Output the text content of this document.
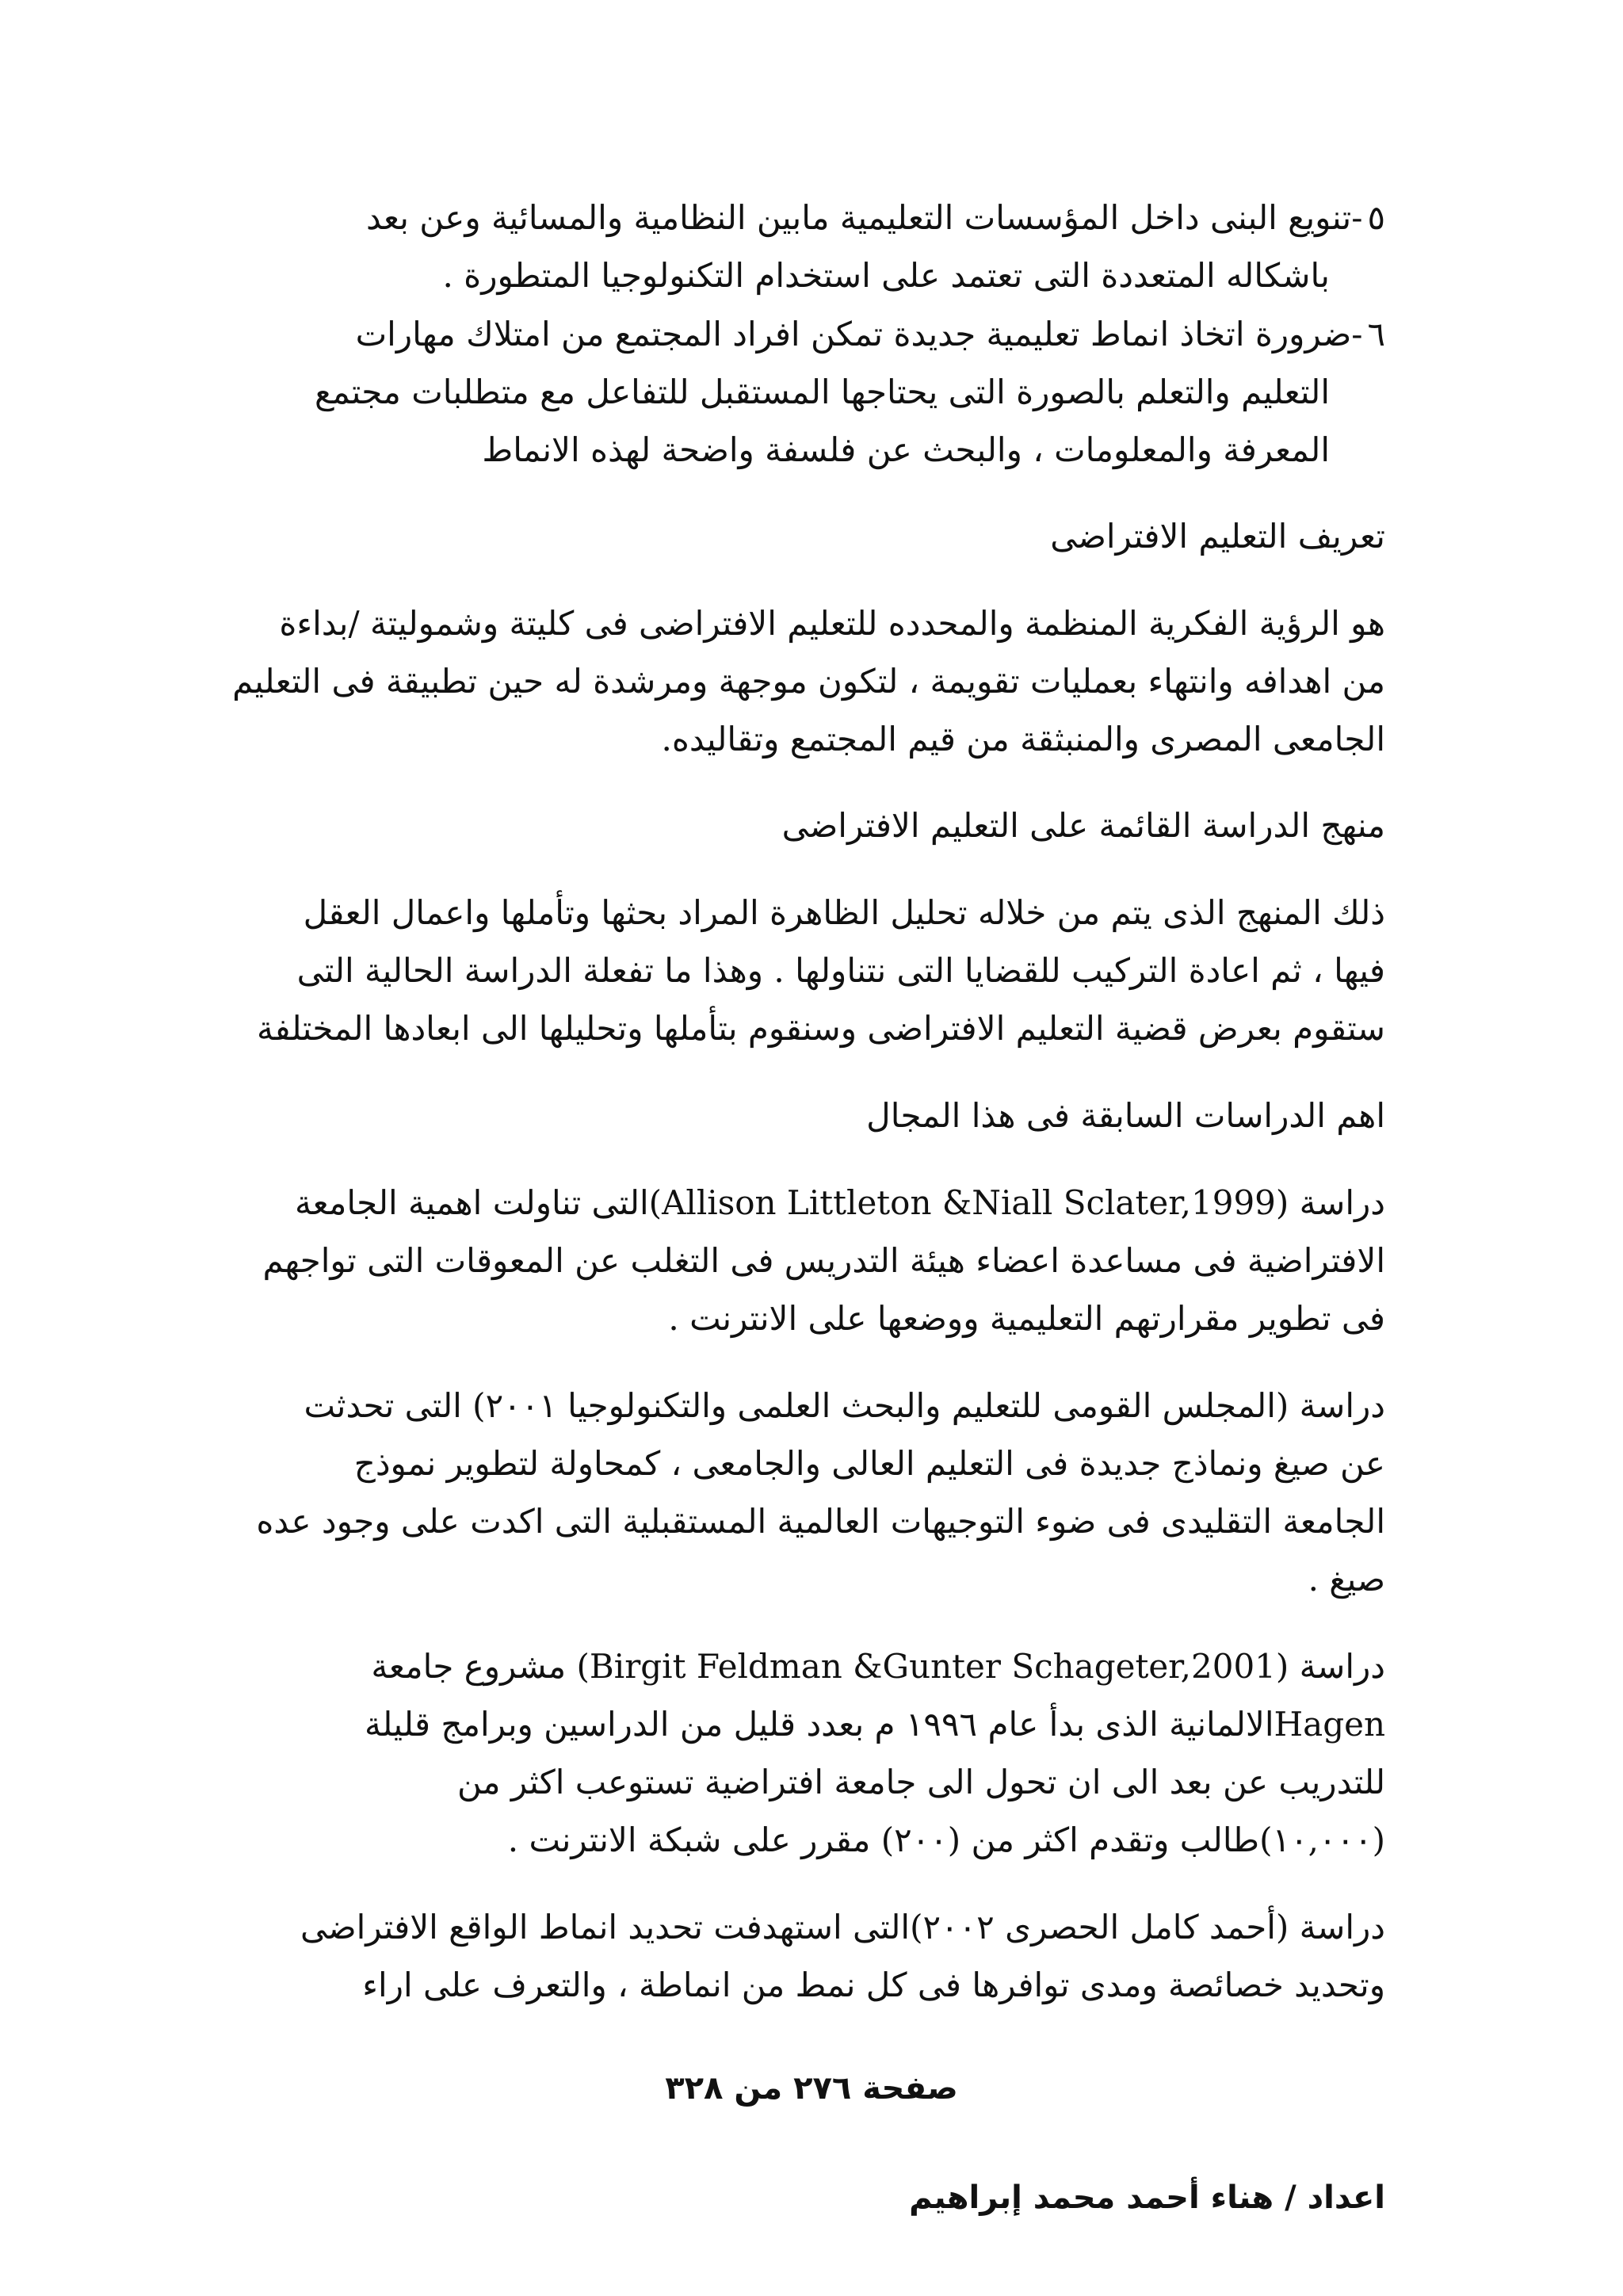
٥-تنويع البنى داخل المؤسسات التعليمية مابين النظامية والمسائية وعن بعد
باشكاله المتعددة التى تعتمد على استخدام التكنولوجيا المتطورة .
٦-ضرورة اتخاذ انماط تعليمية جديدة تمكن افراد المجتمع من امتلاك مهارات
التعليم والتعلم بالصورة التى يحتاجها المستقبل للتفاعل مع متطلبات مجتمع
المعرفة والمعلومات ، والبحث عن فلسفة واضحة لهذه الانماط
تعريف التعليم الافتراضى
هو الرؤية الفكرية المنظمة والمحدده للتعليم الافتراضى فى كليتة وشموليتة /بداءة
من اهدافه وانتهاء بعمليات تقويمة ، لتكون موجهة ومرشدة له حين تطبيقة فى التعليم
الجامعى المصرى والمنبثقة من قيم المجتمع وتقاليده.
منهج الدراسة القائمة على التعليم الافتراضى
ذلك المنهج الذى يتم من خلاله تحليل الظاهرة المراد بحثها وتأملها واعمال العقل
فيها ، ثم اعادة التركيب للقضايا التى نتناولها . وهذا ما تفعلة الدراسة الحالية التى
ستقوم بعرض قضية التعليم الافتراضى وسنقوم بتأملها وتحليلها الى ابعادها المختلفة
اهم الدراسات السابقة فى هذا المجال
دراسة (Allison Littleton &Niall Sclater,1999)التى تناولت اهمية الجامعة
الافتراضية فى مساعدة اعضاء هيئة التدريس فى التغلب عن المعوقات التى تواجهم
فى تطوير مقرارتهم التعليمية ووضعها على الانترنت .
دراسة (المجلس القومى للتعليم والبحث العلمى والتكنولوجيا ٢٠٠١) التى تحدثت
عن صيغ ونماذج جديدة فى التعليم العالى والجامعى ، كمحاولة لتطوير نموذج
الجامعة التقليدى فى ضوء التوجيهات العالمية المستقبلية التى اكدت على وجود عده
صيغ .
دراسة (Birgit Feldman &Gunter Schageter,2001) مشروع جامعة
Hagenالالمانية الذى بدأ عام ١٩٩٦ م بعدد قليل من الدراسين وبرامج قليلة
للتدريب عن بعد الى ان تحول الى جامعة افتراضية تستوعب اكثر من
(١٠,٠٠٠)طالب وتقدم اكثر من (٢٠٠) مقرر على شبكة الانترنت .
دراسة (أحمد كامل الحصرى ٢٠٠٢)التى استهدفت تحديد انماط الواقع الافتراضى
وتحديد خصائصة ومدى توافرها فى كل نمط من انماطة ، والتعرف على اراء
صفحة ٢٧٦ من ٣٢٨
اعداد / هناء أحمد محمد إبراهيم
